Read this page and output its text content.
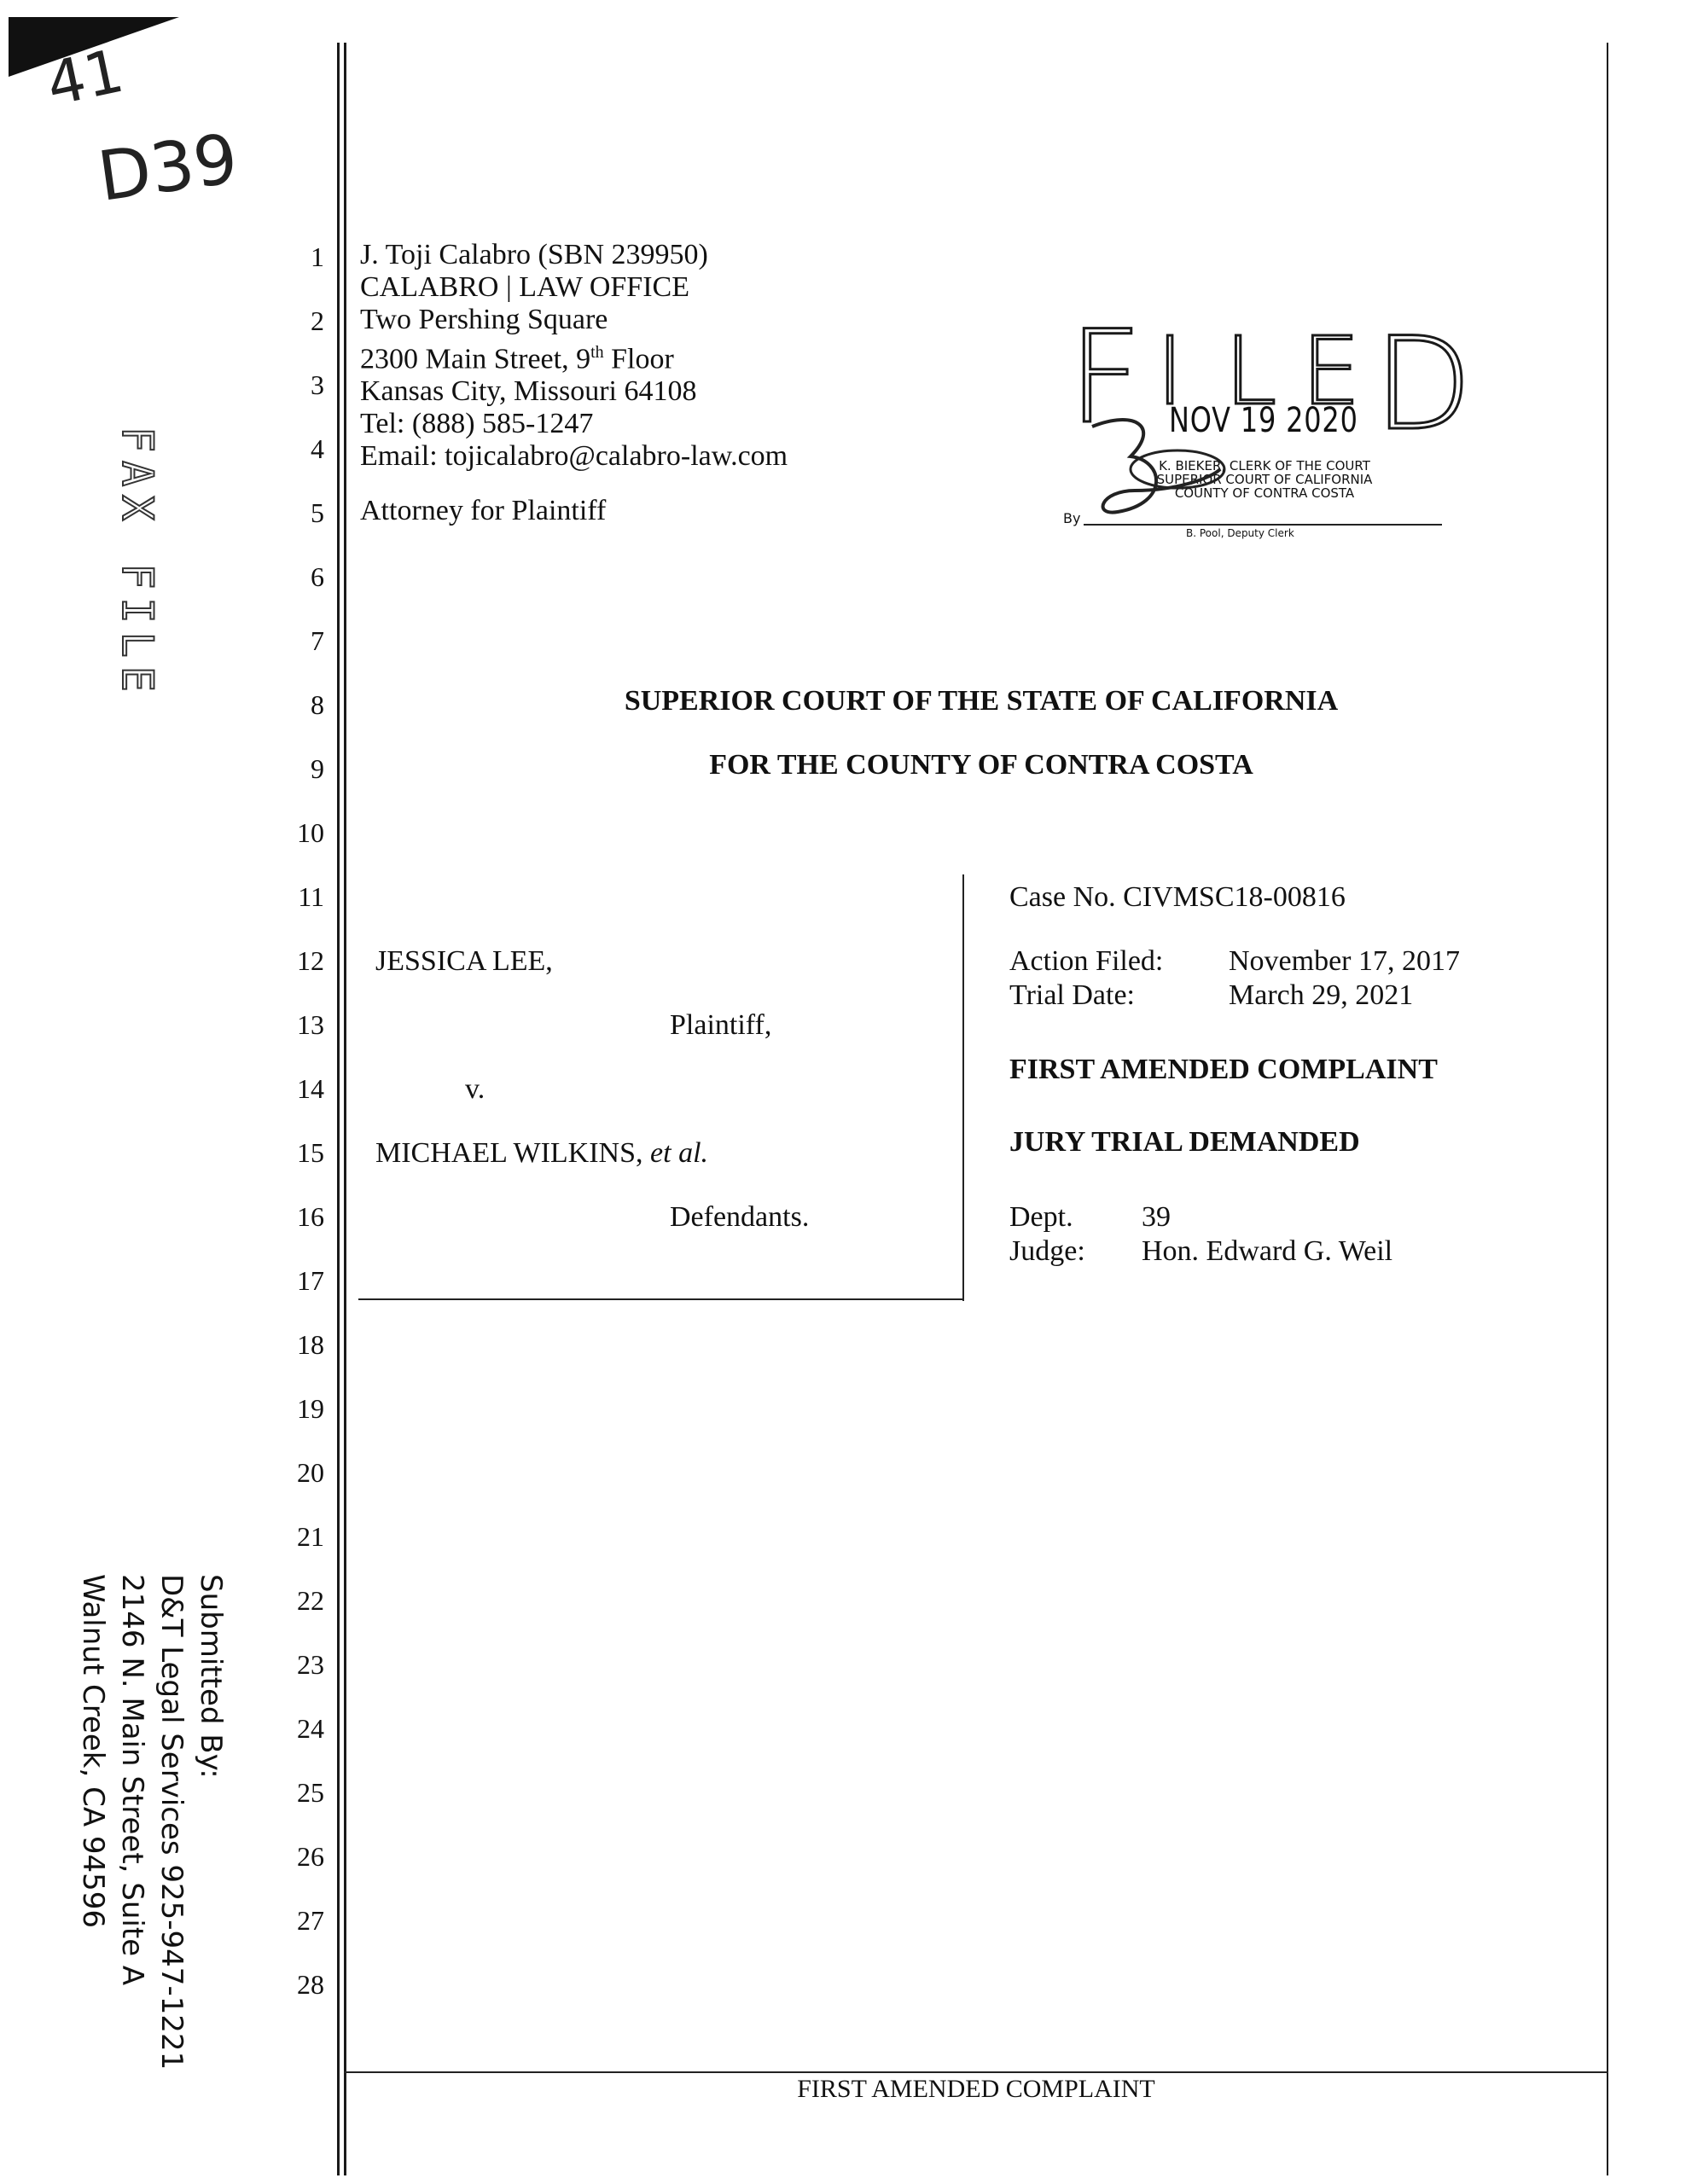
41
D39
FAX FILE
1
2
3
4
5
6
7
8
9
10
11
12
13
14
15
16
17
18
19
20
21
22
23
24
25
26
27
28
J. Toji Calabro (SBN 239950)
CALABRO | LAW OFFICE
Two Pershing Square
2300 Main Street, 9th Floor
Kansas City, Missouri 64108
Tel: (888) 585-1247
Email: tojicalabro@calabro-law.com
Attorney for Plaintiff
F I L E D
NOV 19 2020
K. BIEKER, CLERK OF THE COURT
SUPERIOR COURT OF CALIFORNIA
COUNTY OF CONTRA COSTA
By
B. Pool, Deputy Clerk
SUPERIOR COURT OF THE STATE OF CALIFORNIA
FOR THE COUNTY OF CONTRA COSTA
JESSICA LEE,
Plaintiff,
v.
MICHAEL WILKINS, et al.
Defendants.
Case No. CIVMSC18-00816
Action Filed: November 17, 2017
Trial Date:	March 29, 2021
FIRST AMENDED COMPLAINT
JURY TRIAL DEMANDED
Dept. 39
Judge: Hon. Edward G. Weil
Submitted By:
D&T Legal Services 925-947-1221
2146 N. Main Street, Suite A
Walnut Creek, CA 94596
FIRST AMENDED COMPLAINT
